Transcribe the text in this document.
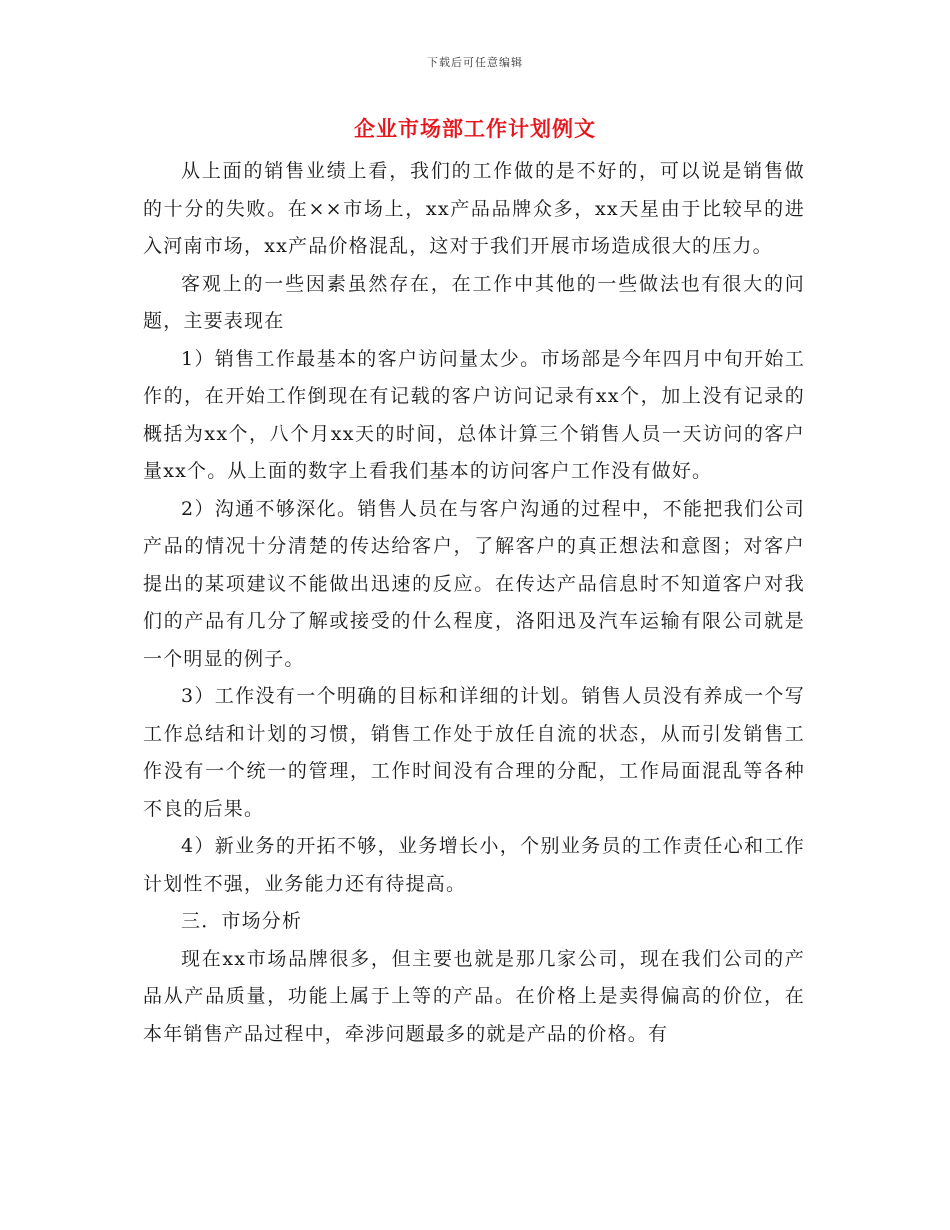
下载后可任意编辑
企业市场部工作计划例文

从上面的销售业绩上看，我们的工作做的是不好的，可以说是销售做的十分的失败。在××市场上，xx产品品牌众多，xx天星由于比较早的进入河南市场，xx产品价格混乱，这对于我们开展市场造成很大的压力。

客观上的一些因素虽然存在，在工作中其他的一些做法也有很大的问题，主要表现在

1）销售工作最基本的客户访问量太少。市场部是今年四月中旬开始工作的，在开始工作倒现在有记载的客户访问记录有xx个，加上没有记录的概括为xx个，八个月xx天的时间，总体计算三个销售人员一天访问的客户量xx个。从上面的数字上看我们基本的访问客户工作没有做好。

2）沟通不够深化。销售人员在与客户沟通的过程中，不能把我们公司产品的情况十分清楚的传达给客户，了解客户的真正想法和意图；对客户提出的某项建议不能做出迅速的反应。在传达产品信息时不知道客户对我们的产品有几分了解或接受的什么程度，洛阳迅及汽车运输有限公司就是一个明显的例子。

3）工作没有一个明确的目标和详细的计划。销售人员没有养成一个写工作总结和计划的习惯，销售工作处于放任自流的状态，从而引发销售工作没有一个统一的管理，工作时间没有合理的分配，工作局面混乱等各种不良的后果。

4）新业务的开拓不够，业务增长小，个别业务员的工作责任心和工作计划性不强，业务能力还有待提高。

三．市场分析

现在xx市场品牌很多，但主要也就是那几家公司，现在我们公司的产品从产品质量，功能上属于上等的产品。在价格上是卖得偏高的价位，在本年销售产品过程中，牵涉问题最多的就是产品的价格。有
